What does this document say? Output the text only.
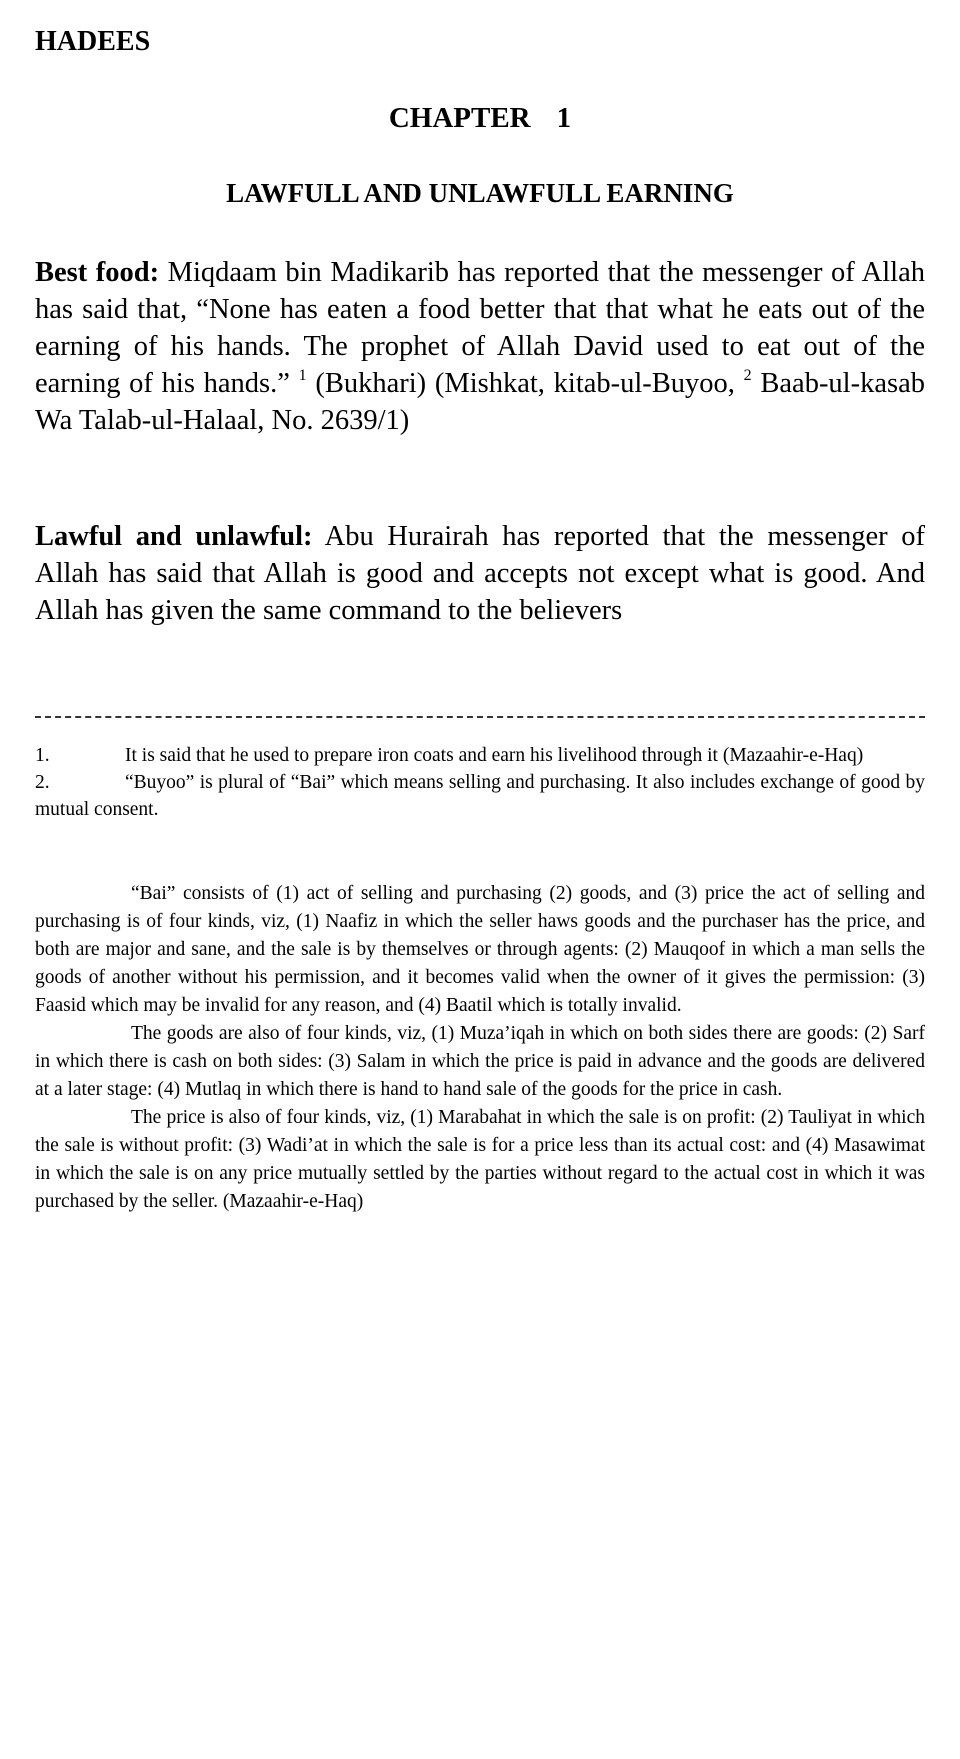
HADEES
CHAPTER 1
LAWFULL AND UNLAWFULL EARNING

Best food: Miqdaam bin Madikarib has reported that the messenger of Allah has said that, “None has eaten a food better that that what he eats out of the earning of his hands. The prophet of Allah David used to eat out of the earning of his hands.” $^1$ (Bukhari) (Mishkat, kitab-ul-Buyoo, $^2$ Baab-ul-kasab Wa Talab-ul-Halaal, No. 2639/1)

Lawful and unlawful: Abu Hurairah has reported that the messenger of Allah has said that Allah is good and accepts not except what is good. And Allah has given the same command to the believers

1.	It is said that he used to prepare iron coats and earn his livelihood through it (Mazaahir-e-Haq)

2.	“Buyoo” is plural of “Bai” which means selling and purchasing. It also includes exchange of good by mutual consent.

“Bai” consists of (1) act of selling and purchasing (2) goods, and (3) price the act of selling and purchasing is of four kinds, viz, (1) Naafiz in which the seller haws goods and the purchaser has the price, and both are major and sane, and the sale is by themselves or through agents: (2) Mauqoof in which a man sells the goods of another without his permission, and it becomes valid when the owner of it gives the permission: (3) Faasid which may be invalid for any reason, and (4) Baatil which is totally invalid.

The goods are also of four kinds, viz, (1) Muza’iqah in which on both sides there are goods: (2) Sarf in which there is cash on both sides: (3) Salam in which the price is paid in advance and the goods are delivered at a later stage: (4) Mutlaq in which there is hand to hand sale of the goods for the price in cash.

The price is also of four kinds, viz, (1) Marabahat in which the sale is on profit: (2) Tauliyat in which the sale is without profit: (3) Wadi’at in which the sale is for a price less than its actual cost: and (4) Masawimat in which the sale is on any price mutually settled by the parties without regard to the actual cost in which it was purchased by the seller. (Mazaahir-e-Haq)
